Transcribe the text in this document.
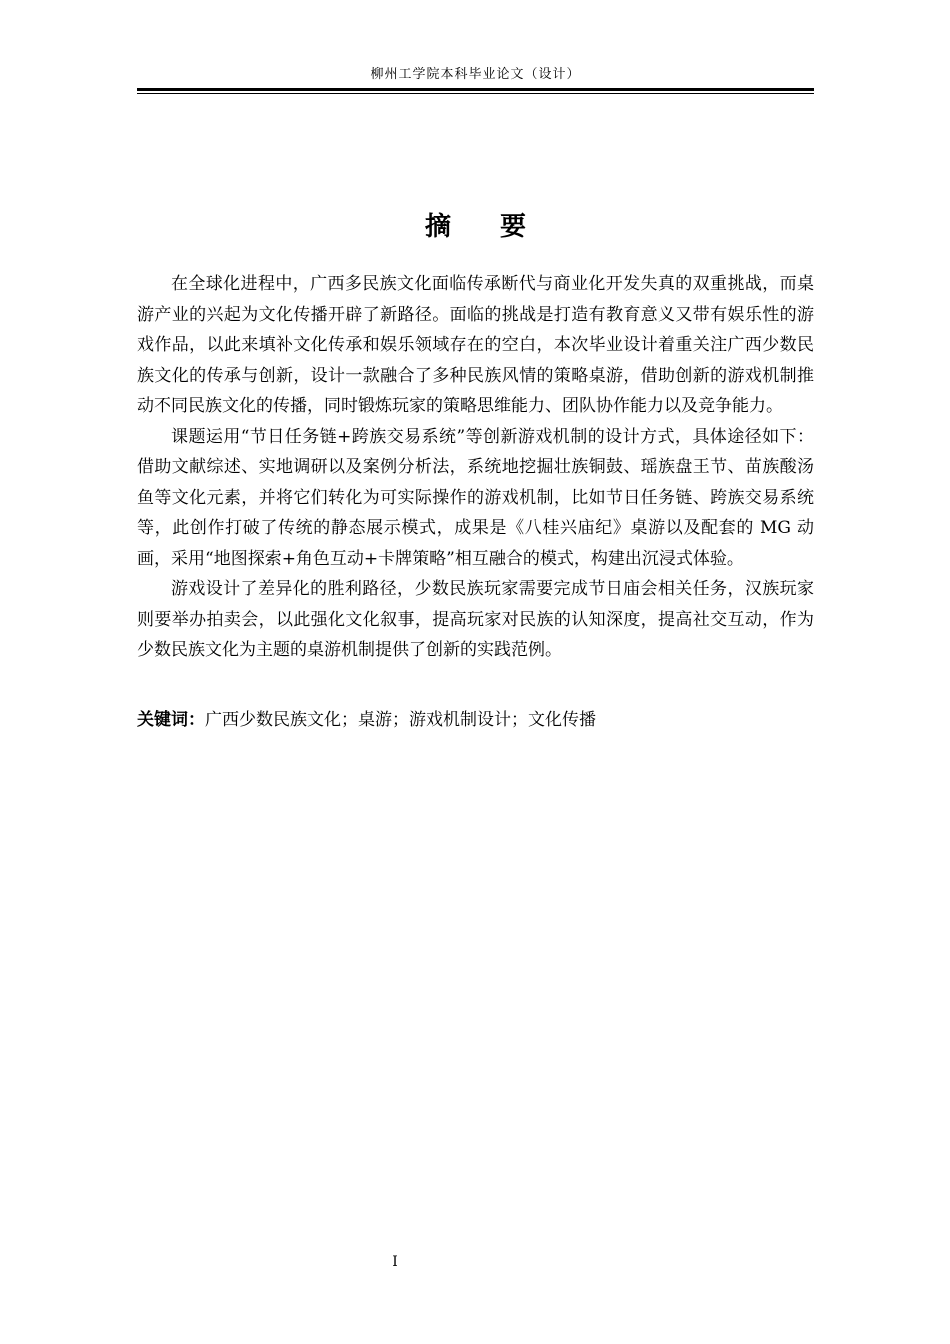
柳州工学院本科毕业论文（设计）
摘 要

在全球化进程中，广西多民族文化面临传承断代与商业化开发失真的双重挑战，而桌游产业的兴起为文化传播开辟了新路径。面临的挑战是打造有教育意义又带有娱乐性的游戏作品，以此来填补文化传承和娱乐领域存在的空白，本次毕业设计着重关注广西少数民族文化的传承与创新，设计一款融合了多种民族风情的策略桌游，借助创新的游戏机制推动不同民族文化的传播，同时锻炼玩家的策略思维能力、团队协作能力以及竞争能力。

课题运用“节日任务链+跨族交易系统”等创新游戏机制的设计方式，具体途径如下：借助文献综述、实地调研以及案例分析法，系统地挖掘壮族铜鼓、瑶族盘王节、苗族酸汤鱼等文化元素，并将它们转化为可实际操作的游戏机制，比如节日任务链、跨族交易系统等，此创作打破了传统的静态展示模式，成果是《八桂兴庙纪》桌游以及配套的 MG 动画，采用“地图探索+角色互动+卡牌策略”相互融合的模式，构建出沉浸式体验。

游戏设计了差异化的胜利路径，少数民族玩家需要完成节日庙会相关任务，汉族玩家则要举办拍卖会，以此强化文化叙事，提高玩家对民族的认知深度，提高社交互动，作为少数民族文化为主题的桌游机制提供了创新的实践范例。

关键词：广西少数民族文化；桌游；游戏机制设计；文化传播
I
